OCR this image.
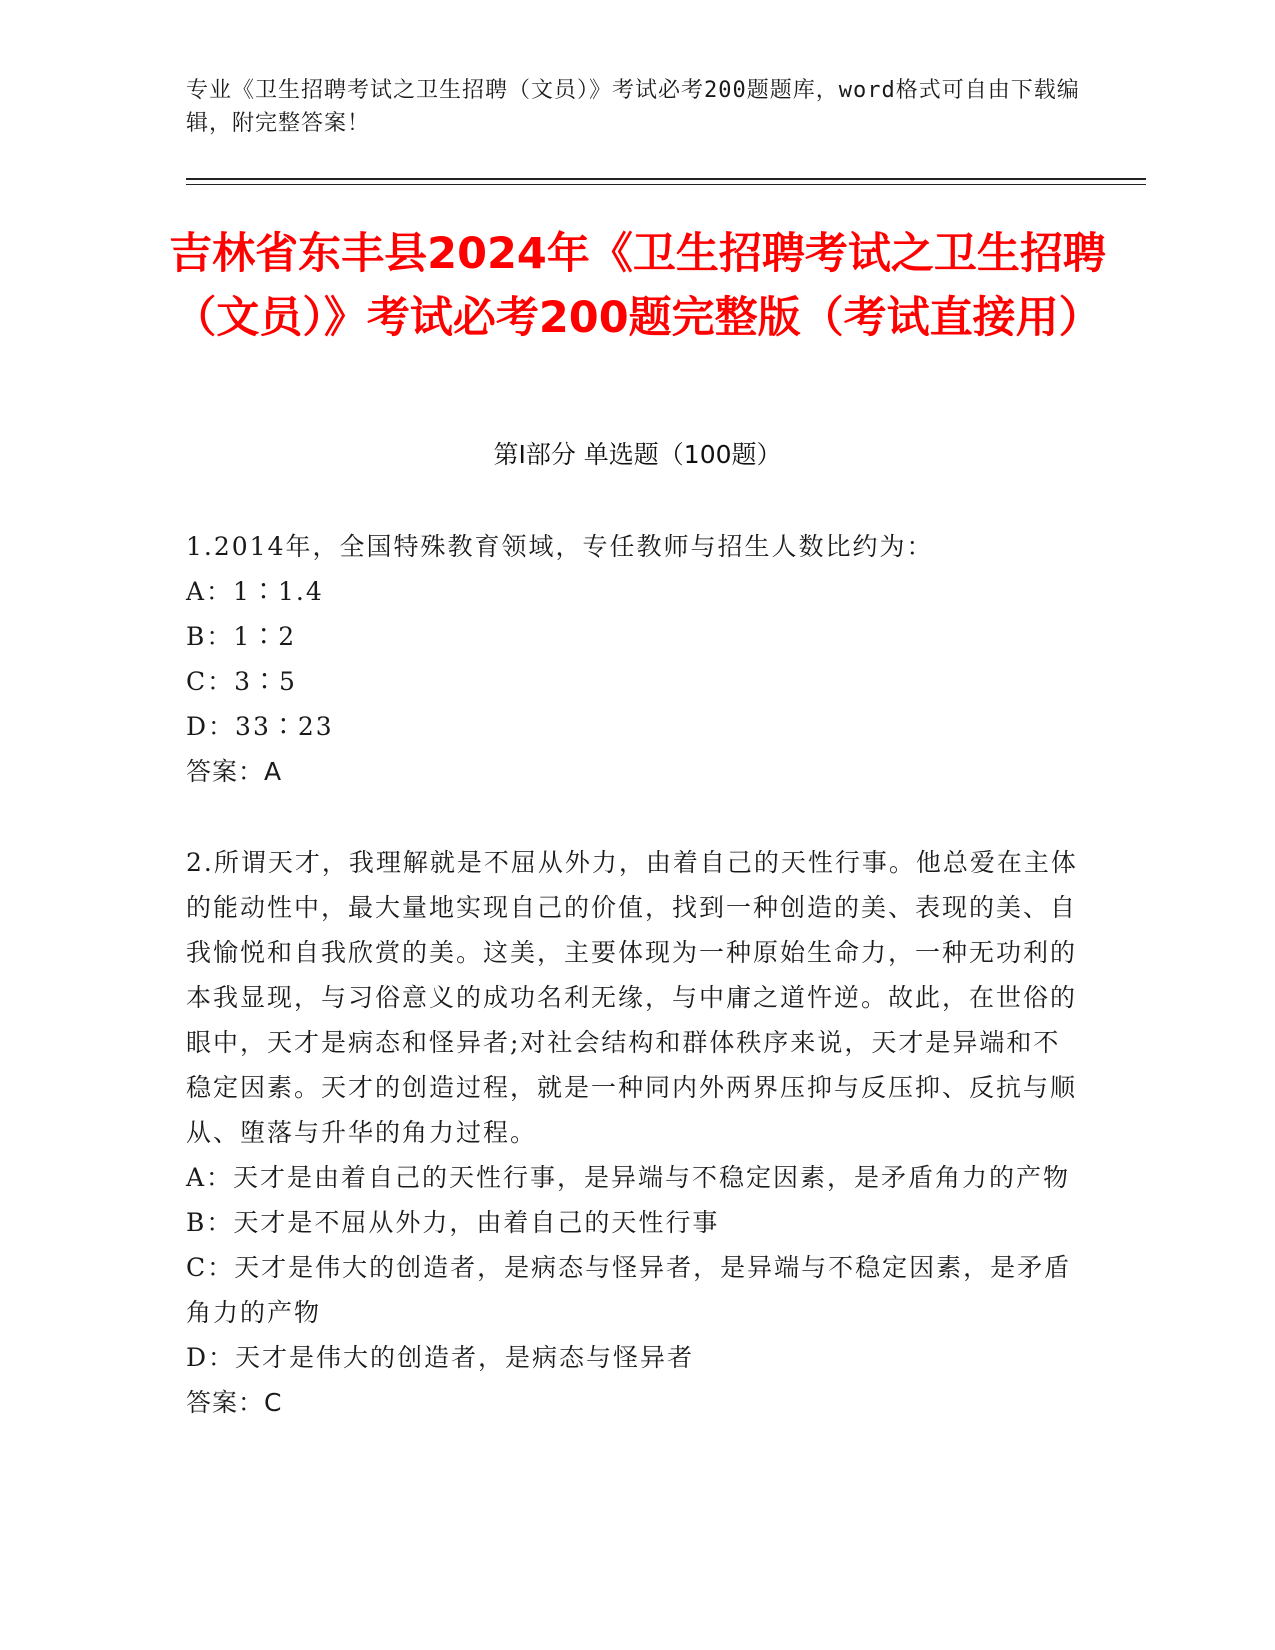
专业《卫生招聘考试之卫生招聘（文员）》考试必考200题题库，word格式可自由下载编辑，附完整答案！
吉林省东丰县2024年《卫生招聘考试之卫生招聘（文员）》考试必考200题完整版（考试直接用）
第Ⅰ部分 单选题（100题）

1.2014年，全国特殊教育领域，专任教师与招生人数比约为：

A：1∶1.4

B：1∶2

C：3∶5

D：33∶23

答案：A

2.所谓天才，我理解就是不屈从外力，由着自己的天性行事。他总爱在主体的能动性中，最大量地实现自己的价值，找到一种创造的美、表现的美、自我愉悦和自我欣赏的美。这美，主要体现为一种原始生命力，一种无功利的本我显现，与习俗意义的成功名利无缘，与中庸之道忤逆。故此，在世俗的眼中，天才是病态和怪异者;对社会结构和群体秩序来说，天才是异端和不稳定因素。天才的创造过程，就是一种同内外两界压抑与反压抑、反抗与顺从、堕落与升华的角力过程。

A：天才是由着自己的天性行事，是异端与不稳定因素，是矛盾角力的产物

B：天才是不屈从外力，由着自己的天性行事

C：天才是伟大的创造者，是病态与怪异者，是异端与不稳定因素，是矛盾角力的产物

D：天才是伟大的创造者，是病态与怪异者

答案：C
